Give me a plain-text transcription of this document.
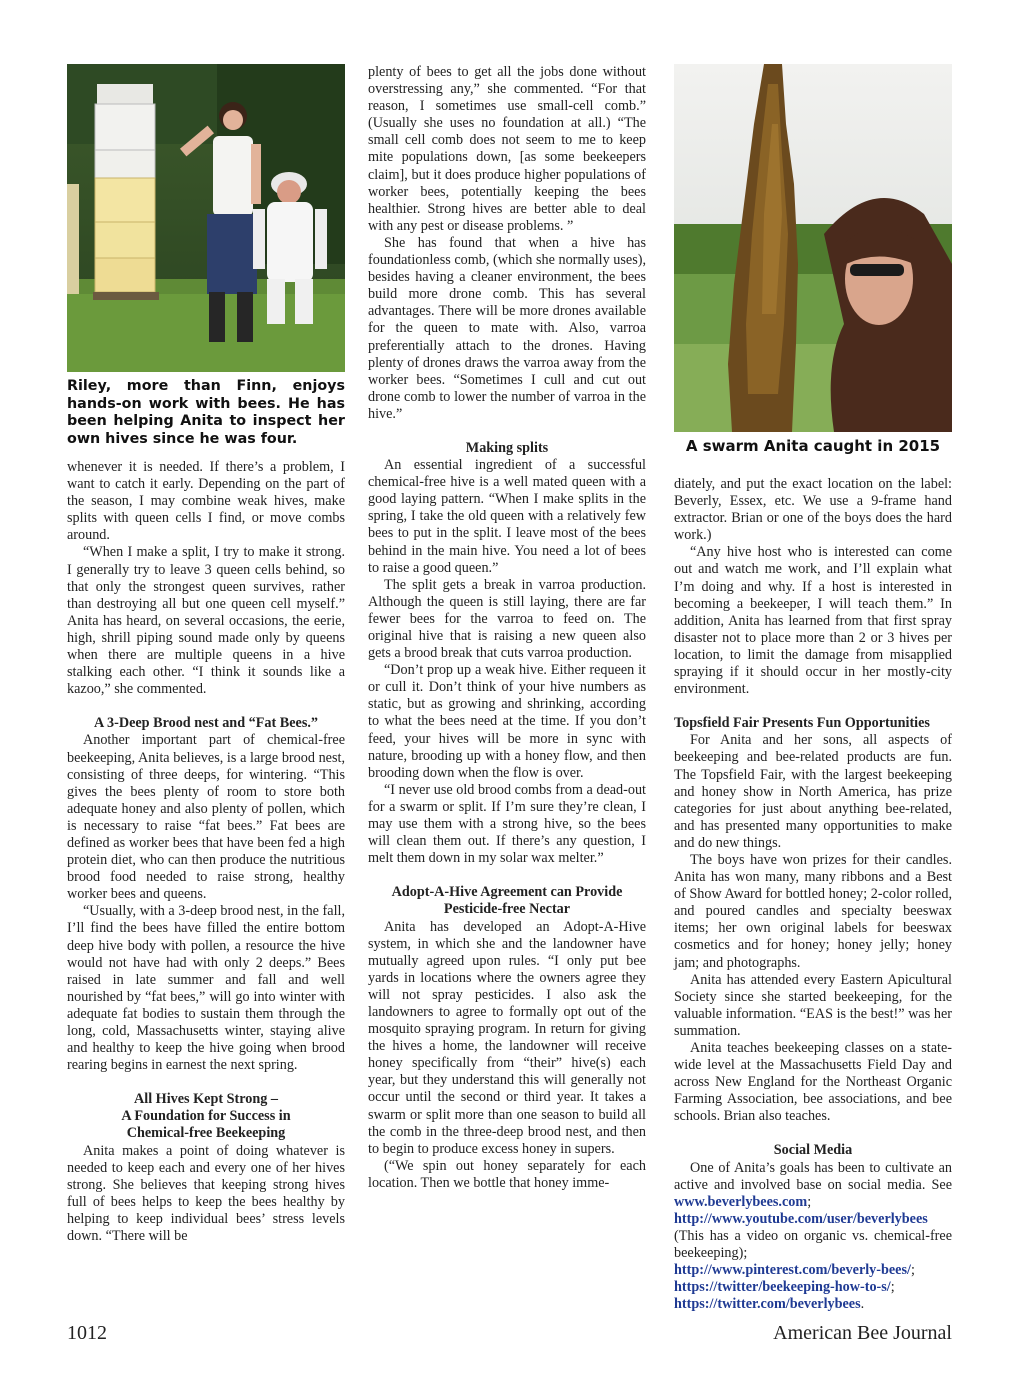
Riley, more than Finn, enjoys hands-on work with bees. He has been helping Anita to inspect her own hives since he was four.	A swarm Anita caught in 2015

whenever it is needed. If there’s a problem, I want to catch it early. Depending on the part of the season, I may combine weak hives, make splits with queen cells I find, or move combs around.

“When I make a split, I try to make it strong. I generally try to leave 3 queen cells behind, so that only the strongest queen survives, rather than destroying all but one queen cell myself.” Anita has heard, on several occasions, the eerie, high, shrill piping sound made only by queens when there are multiple queens in a hive stalking each other. “I think it sounds like a kazoo,” she commented.

A 3-Deep Brood nest and “Fat Bees.”

Another important part of chemical-free beekeeping, Anita believes, is a large brood nest, consisting of three deeps, for wintering. “This gives the bees plenty of room to store both adequate honey and also plenty of pollen, which is necessary to raise “fat bees.” Fat bees are defined as worker bees that have been fed a high protein diet, who can then produce the nutritious brood food needed to raise strong, healthy worker bees and queens.

“Usually, with a 3-deep brood nest, in the fall, I’ll find the bees have filled the entire bottom deep hive body with pollen, a resource the hive would not have had with only 2 deeps.” Bees raised in late summer and fall and well nourished by “fat bees,” will go into winter with adequate fat bodies to sustain them through the long, cold, Massachusetts winter, staying alive and healthy to keep the hive going when brood rearing begins in earnest the next spring.

All Hives Kept Strong –
A Foundation for Success in
Chemical-free Beekeeping

Anita makes a point of doing whatever is needed to keep each and every one of her hives strong. She believes that keeping strong hives full of bees helps to keep the bees healthy by helping to keep individual bees’ stress levels down. “There will be

plenty of bees to get all the jobs done without overstressing any,” she commented. “For that reason, I sometimes use small-cell comb.” (Usually she uses no foundation at all.) “The small cell comb does not seem to me to keep mite populations down, [as some beekeepers claim], but it does produce higher populations of worker bees, potentially keeping the bees healthier. Strong hives are better able to deal with any pest or disease problems. ”

She has found that when a hive has foundationless comb, (which she normally uses), besides having a cleaner environment, the bees build more drone comb. This has several advantages. There will be more drones available for the queen to mate with. Also, varroa preferentially attach to the drones. Having plenty of drones draws the varroa away from the worker bees. “Sometimes I cull and cut out drone comb to lower the number of varroa in the hive.”

Making splits

An essential ingredient of a successful chemical-free hive is a well mated queen with a good laying pattern. “When I make splits in the spring, I take the old queen with a relatively few bees to put in the split. I leave most of the bees behind in the main hive. You need a lot of bees to raise a good queen.”

The split gets a break in varroa production. Although the queen is still laying, there are far fewer bees for the varroa to feed on. The original hive that is raising a new queen also gets a brood break that cuts varroa production.

“Don’t prop up a weak hive. Either requeen it or cull it. Don’t think of your hive numbers as static, but as growing and shrinking, according to what the bees need at the time. If you don’t feed, your hives will be more in sync with nature, brooding up with a honey flow, and then brooding down when the flow is over.

“I never use old brood combs from a dead-out for a swarm or split. If I’m sure they’re clean, I may use them with a strong hive, so the bees will clean them out. If there’s any question, I melt them down in my solar wax melter.”

Adopt-A-Hive Agreement can Provide
Pesticide-free Nectar

Anita has developed an Adopt-A-Hive system, in which she and the landowner have mutually agreed upon rules. “I only put bee yards in locations where the owners agree they will not spray pesticides. I also ask the landowners to agree to formally opt out of the mosquito spraying program. In return for giving the hives a home, the landowner will receive honey specifically from “their” hive(s) each year, but they understand this will generally not occur until the second or third year. It takes a swarm or split more than one season to build all the comb in the three-deep brood nest, and then to begin to produce excess honey in supers.

(“We spin out honey separately for each location. Then we bottle that honey imme-

diately, and put the exact location on the label: Beverly, Essex, etc. We use a 9-frame hand extractor. Brian or one of the boys does the hard work.)

“Any hive host who is interested can come out and watch me work, and I’ll explain what I’m doing and why. If a host is interested in becoming a beekeeper, I will teach them.” In addition, Anita has learned from that first spray disaster not to place more than 2 or 3 hives per location, to limit the damage from misapplied spraying if it should occur in her mostly-city environment.

Topsfield Fair Presents Fun Opportunities

For Anita and her sons, all aspects of beekeeping and bee-related products are fun. The Topsfield Fair, with the largest beekeeping and honey show in North America, has prize categories for just about anything bee-related, and has presented many opportunities to make and do new things.

The boys have won prizes for their candles. Anita has won many, many ribbons and a Best of Show Award for bottled honey; 2-color rolled, and poured candles and specialty beeswax items; her own original labels for beeswax cosmetics and for honey; honey jelly; honey jam; and photographs.

Anita has attended every Eastern Apicultural Society since she started beekeeping, for the valuable information. “EAS is the best!” was her summation.

Anita teaches beekeeping classes on a state-wide level at the Massachusetts Field Day and across New England for the Northeast Organic Farming Association, bee associations, and bee schools. Brian also teaches.

Social Media

One of Anita’s goals has been to cultivate an active and involved base on social media. See www.beverlybees.com; http://www.youtube.com/user/beverlybees (This has a video on organic vs. chemical-free beekeeping); http://www.pinterest.com/beverly-bees/; https://twitter/beekeeping-how-to-s/; https://twitter.com/beverlybees.

1012	American Bee Journal
